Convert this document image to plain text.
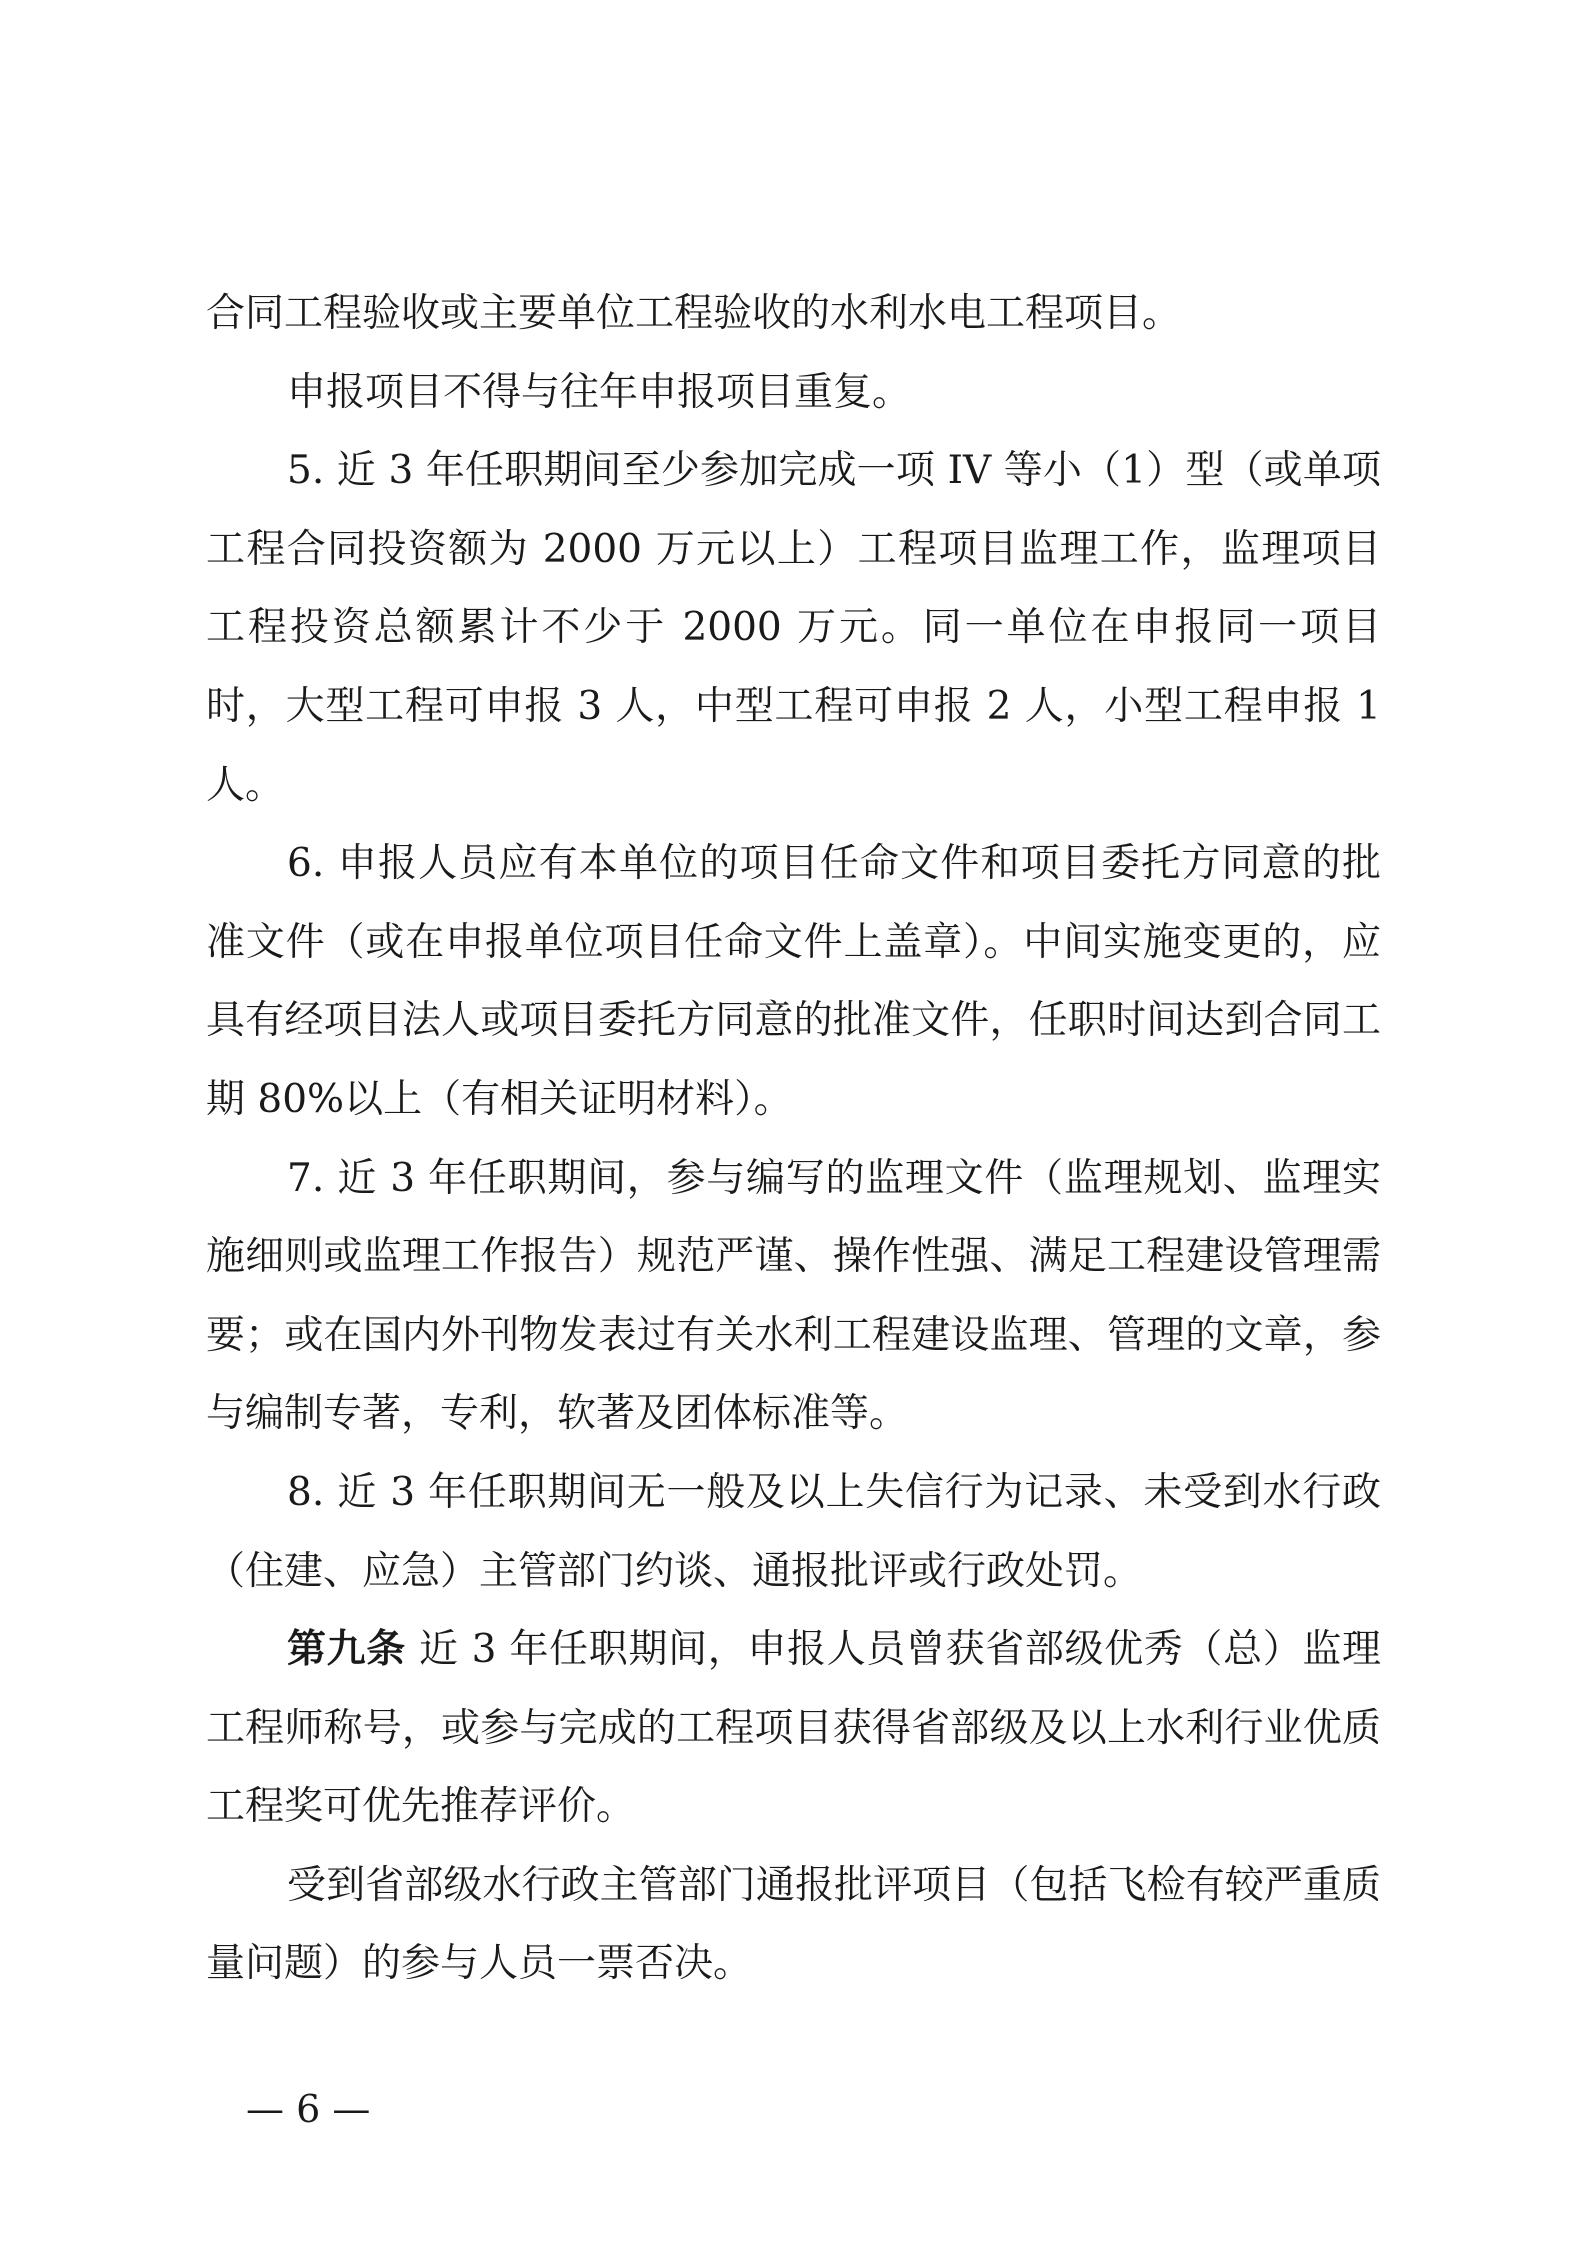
合同工程验收或主要单位工程验收的水利水电工程项目。

申报项目不得与往年申报项目重复。

5. 近 3 年任职期间至少参加完成一项 IV 等小（1）型（或单项工程合同投资额为 2000 万元以上）工程项目监理工作，监理项目工程投资总额累计不少于 2000 万元。同一单位在申报同一项目时，大型工程可申报 3 人，中型工程可申报 2 人，小型工程申报 1 人。

6. 申报人员应有本单位的项目任命文件和项目委托方同意的批准文件（或在申报单位项目任命文件上盖章）。中间实施变更的，应具有经项目法人或项目委托方同意的批准文件，任职时间达到合同工期 80%以上（有相关证明材料）。

7. 近 3 年任职期间，参与编写的监理文件（监理规划、监理实施细则或监理工作报告）规范严谨、操作性强、满足工程建设管理需要；或在国内外刊物发表过有关水利工程建设监理、管理的文章，参与编制专著，专利，软著及团体标准等。

8. 近 3 年任职期间无一般及以上失信行为记录、未受到水行政（住建、应急）主管部门约谈、通报批评或行政处罚。

第九条 近 3 年任职期间，申报人员曾获省部级优秀（总）监理工程师称号，或参与完成的工程项目获得省部级及以上水利行业优质工程奖可优先推荐评价。

受到省部级水行政主管部门通报批评项目（包括飞检有较严重质量问题）的参与人员一票否决。

— 6 —
